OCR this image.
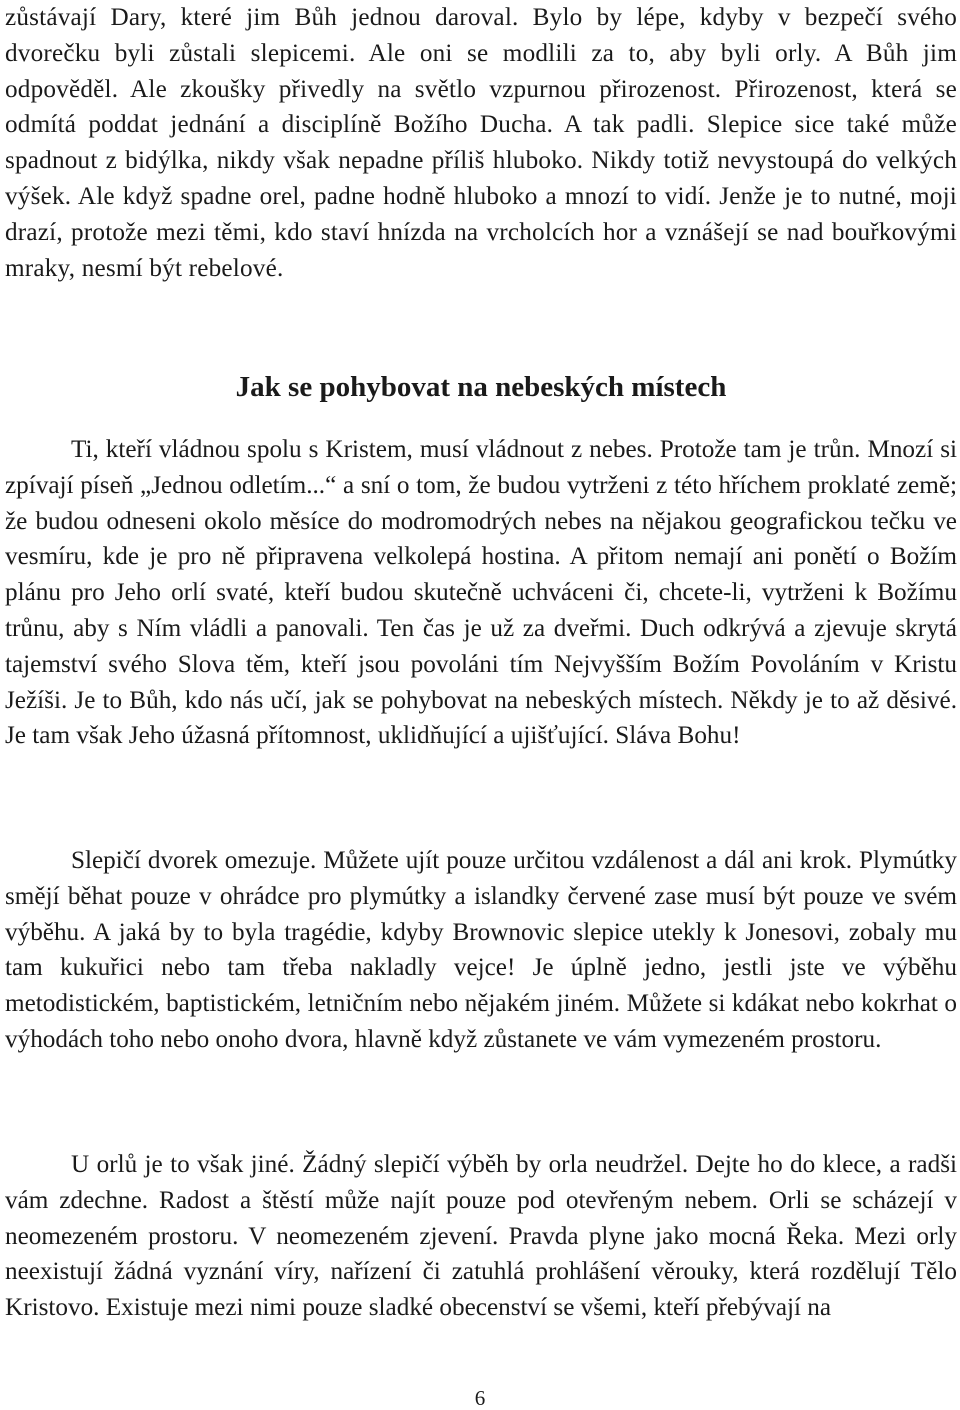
zůstávají Dary, které jim Bůh jednou daroval. Bylo by lépe, kdyby v bezpečí svého dvorečku byli zůstali slepicemi. Ale oni se modlili za to, aby byli orly. A Bůh jim odpověděl. Ale zkoušky přivedly na světlo vzpurnou přirozenost. Přirozenost, která se odmítá poddat jednání a disciplíně Božího Ducha. A tak padli. Slepice sice také může spadnout z bidýlka, nikdy však nepadne příliš hluboko. Nikdy totiž nevystoupá do velkých výšek. Ale když spadne orel, padne hodně hluboko a mnozí to vidí. Jenže je to nutné, moji drazí, protože mezi těmi, kdo staví hnízda na vrcholcích hor a vznášejí se nad bouřkovými mraky, nesmí být rebelové.

Jak se pohybovat na nebeských místech

Ti, kteří vládnou spolu s Kristem, musí vládnout z nebes. Protože tam je trůn. Mnozí si zpívají píseň „Jednou odletím...“ a sní o tom, že budou vytrženi z této hříchem proklaté země; že budou odneseni okolo měsíce do modromodrých nebes na nějakou geografickou tečku ve vesmíru, kde je pro ně připravena velkolepá hostina. A přitom nemají ani ponětí o Božím plánu pro Jeho orlí svaté, kteří budou skutečně uchváceni či, chcete-li, vytrženi k Božímu trůnu, aby s Ním vládli a panovali. Ten čas je už za dveřmi. Duch odkrývá a zjevuje skrytá tajemství svého Slova těm, kteří jsou povoláni tím Nejvyšším Božím Povoláním v Kristu Ježíši. Je to Bůh, kdo nás učí, jak se pohybovat na nebeských místech. Někdy je to až děsivé. Je tam však Jeho úžasná přítomnost, uklidňující a ujišťující. Sláva Bohu!

Slepičí dvorek omezuje. Můžete ujít pouze určitou vzdálenost a dál ani krok. Plymútky smějí běhat pouze v ohrádce pro plymútky a islandky červené zase musí být pouze ve svém výběhu. A jaká by to byla tragédie, kdyby Brownovic slepice utekly k Jonesovi, zobaly mu tam kukuřici nebo tam třeba nakladly vejce! Je úplně jedno, jestli jste ve výběhu metodistickém, baptistickém, letničním nebo nějakém jiném. Můžete si kdákat nebo kokrhat o výhodách toho nebo onoho dvora, hlavně když zůstanete ve vám vymezeném prostoru.

U orlů je to však jiné. Žádný slepičí výběh by orla neudržel. Dejte ho do klece, a radši vám zdechne. Radost a štěstí může najít pouze pod otevřeným nebem. Orli se scházejí v neomezeném prostoru. V neomezeném zjevení. Pravda plyne jako mocná Řeka. Mezi orly neexistují žádná vyznání víry, nařízení či zatuhlá prohlášení věrouky, která rozdělují Tělo Kristovo. Existuje mezi nimi pouze sladké obecenství se všemi, kteří přebývají na

6
